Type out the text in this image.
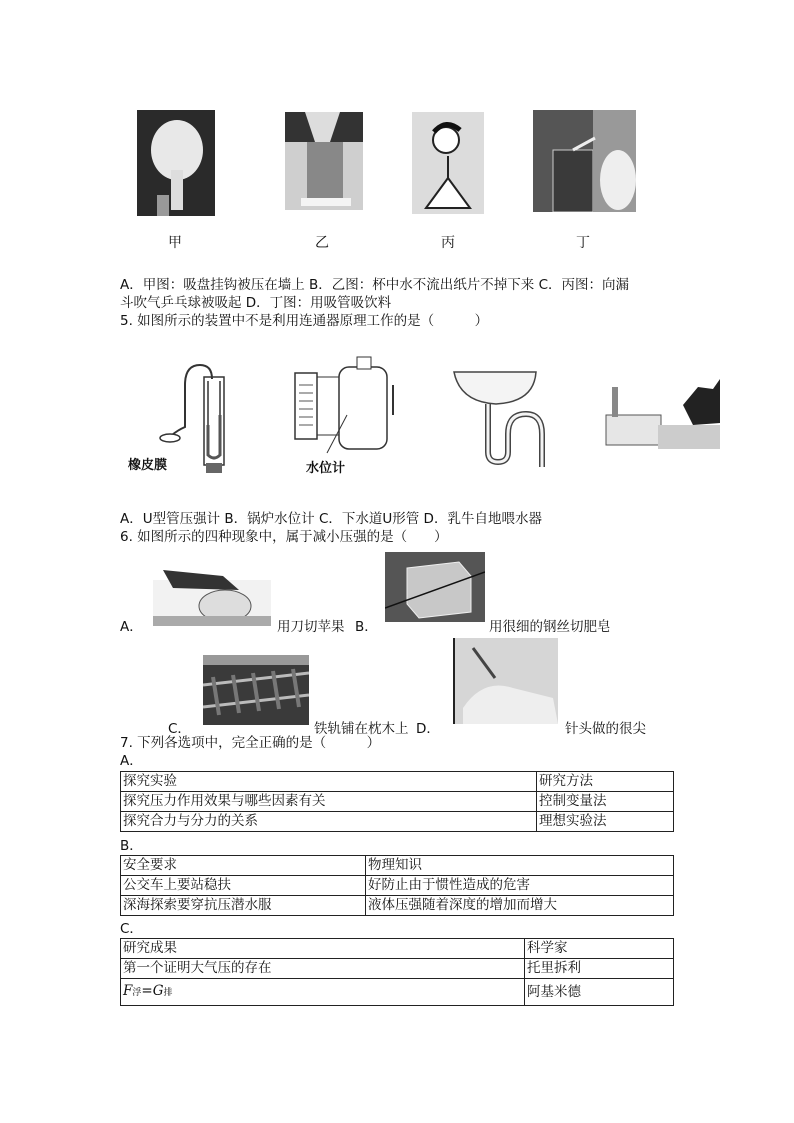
甲	乙	丙	丁
A．甲图：吸盘挂钩被压在墙上 B．乙图：杯中水不流出纸片不掉下来 C．丙图：向漏
斗吹气乒乓球被吸起 D．丁图：用吸管吸饮料
5. 如图所示的装置中不是利用连通器原理工作的是（　　　）
橡皮膜	水位计
A．U型管压强计 B．锅炉水位计 C．下水道U形管 D．乳牛自地喂水器
6. 如图所示的四种现象中，属于减小压强的是（　　）
A．	用刀切苹果 B．	用很细的钢丝切肥皂
C．	铁轨铺在枕木上 D．	针头做的很尖
7. 下列各选项中，完全正确的是（　　　）
A．
探究实验	研究方法
探究压力作用效果与哪些因素有关	控制变量法
探究合力与分力的关系	理想实验法
B．
安全要求	物理知识
公交车上要站稳扶	好防止由于惯性造成的危害
深海探索要穿抗压潜水服	液体压强随着深度的增加而增大
C．
研究成果	科学家
第一个证明大气压的存在	托里拆利
F浮=G排	阿基米德
